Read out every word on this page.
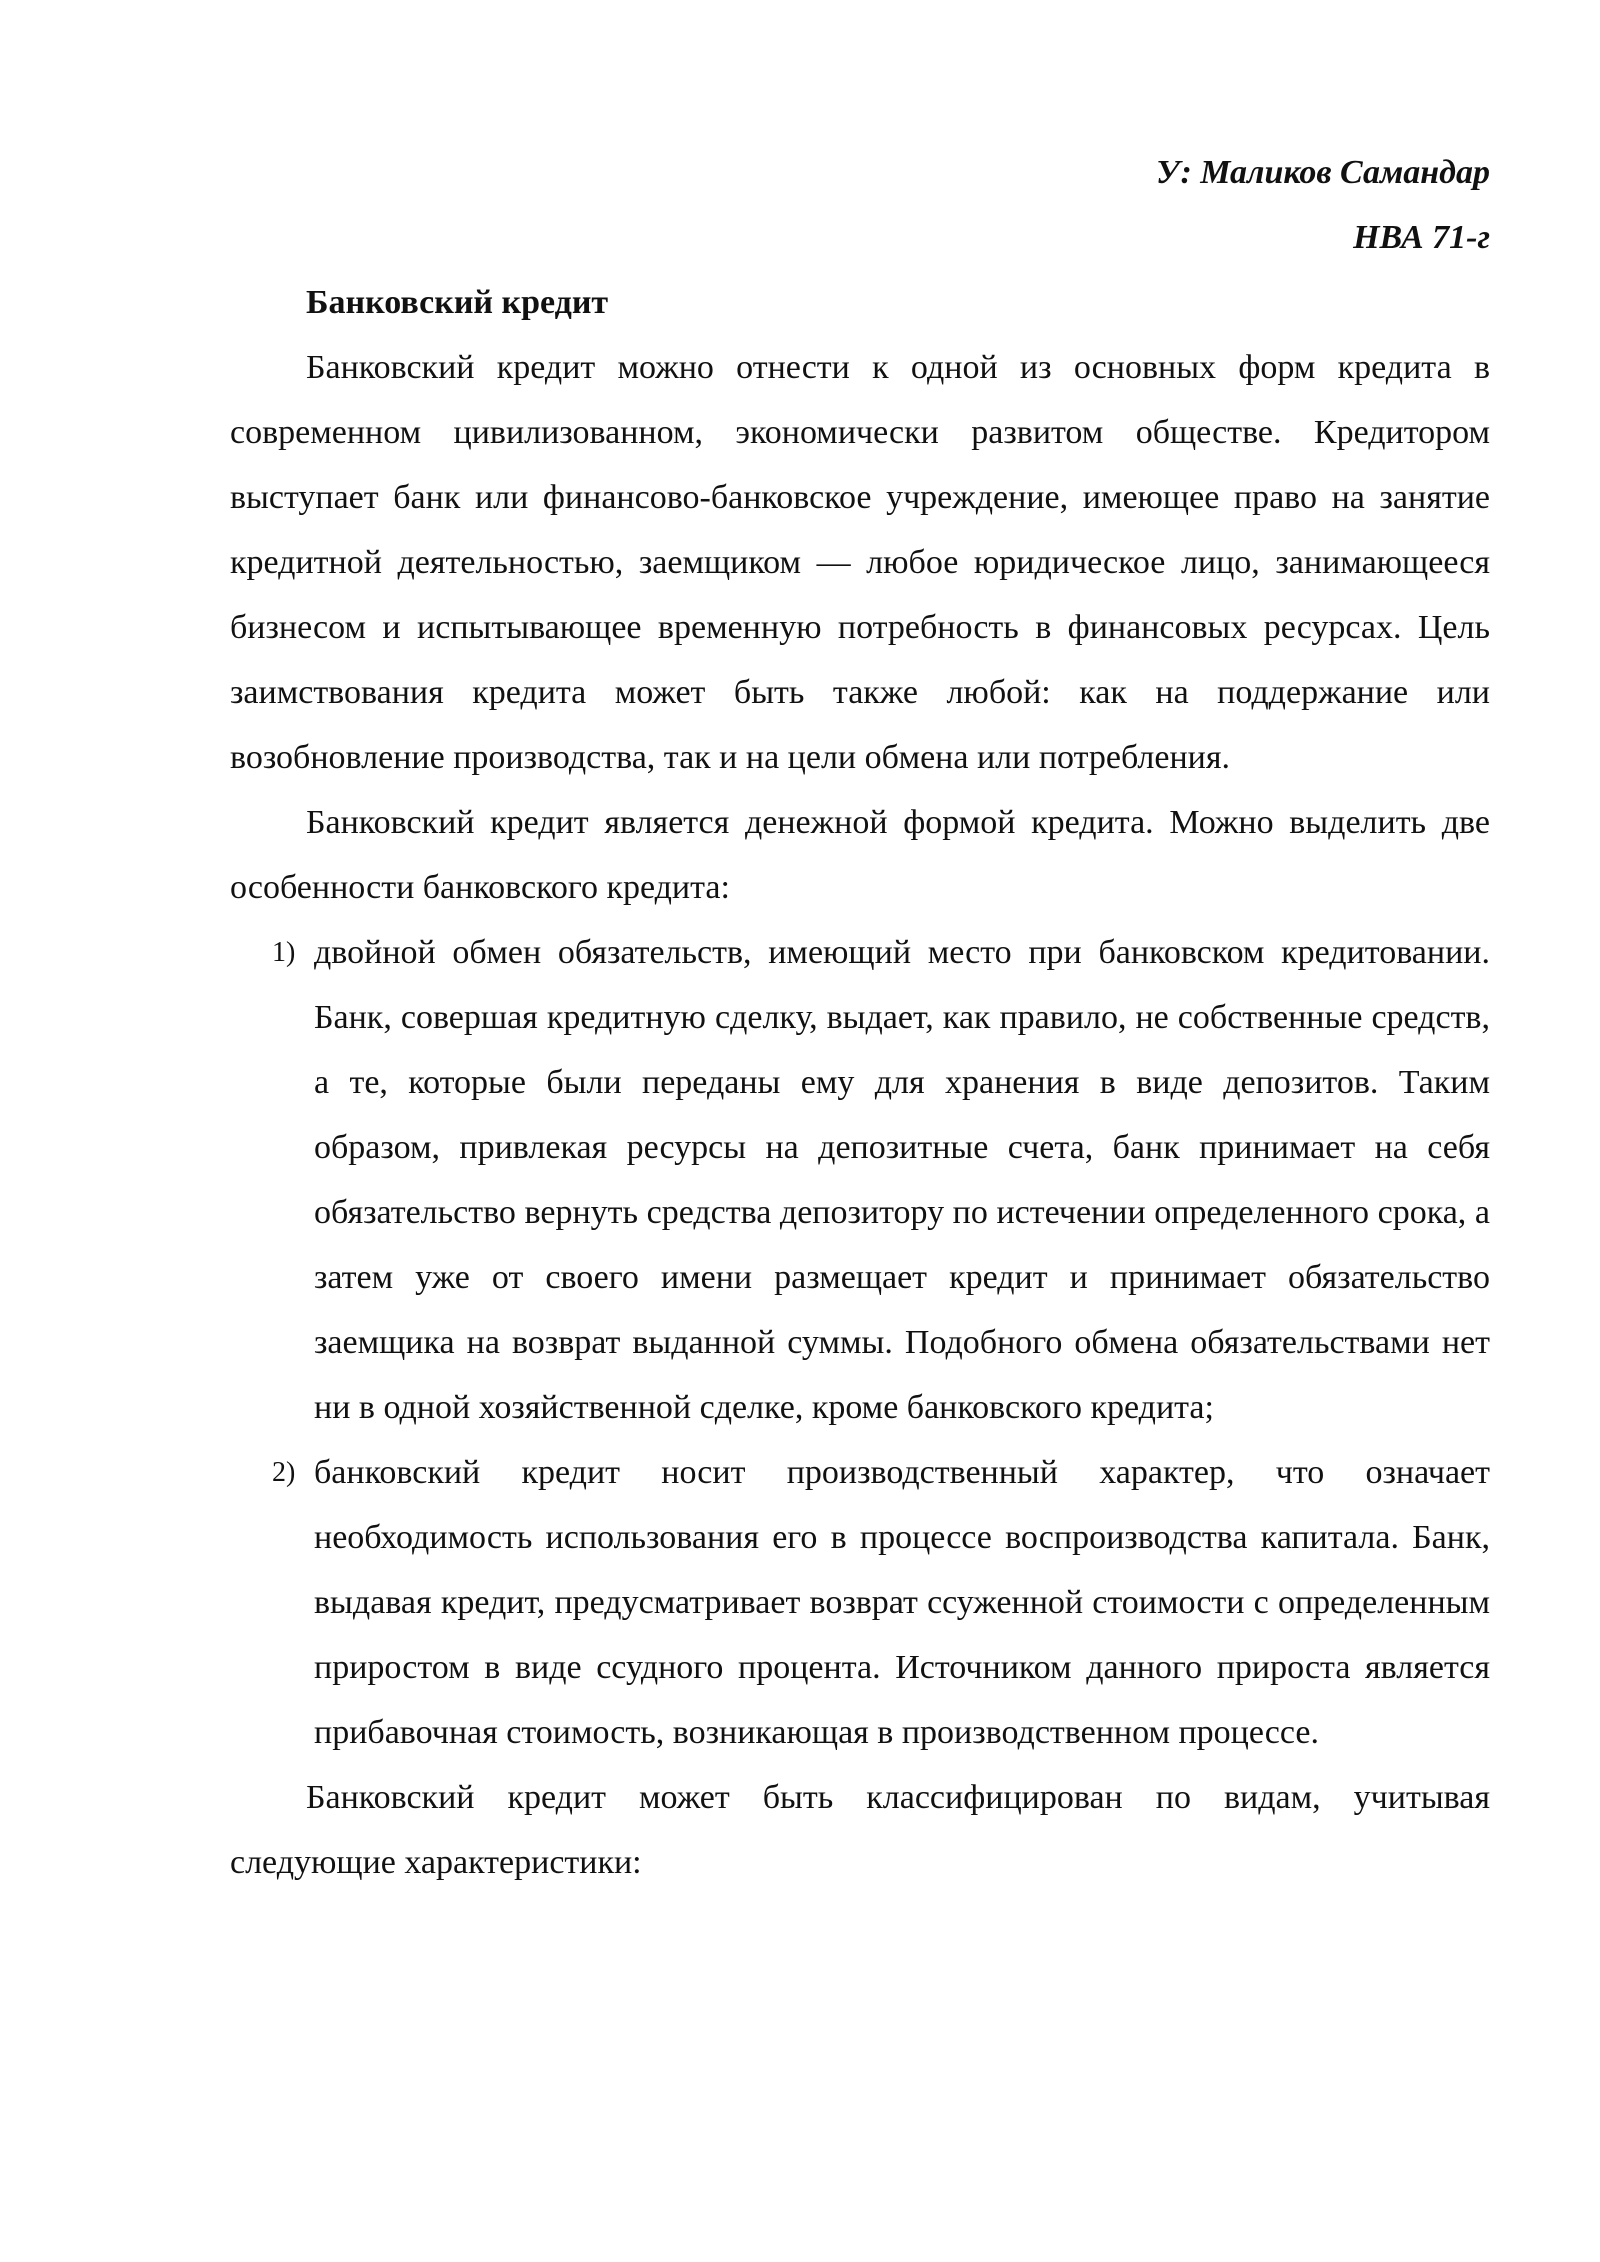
У: Маликов Самандар
НВА 71-г
Банковский кредит

Банковский кредит можно отнести к одной из основных форм кредита в современном цивилизованном, экономически развитом обществе. Кредитором выступает банк или финансово-банковское учреждение, имеющее право на занятие кредитной деятельностью, заемщиком — любое юридическое лицо, занимающееся бизнесом и испытывающее временную потребность в финансовых ресурсах. Цель заимствования кредита может быть также любой: как на поддержание или возобновление производства, так и на цели обмена или потребления.

Банковский кредит является денежной формой кредита. Можно выделить две особенности банковского кредита:

1) двойной обмен обязательств, имеющий место при банковском кредитовании. Банк, совершая кредитную сделку, выдает, как правило, не собственные средств, а те, которые были переданы ему для хранения в виде депозитов. Таким образом, привлекая ресурсы на депозитные счета, банк принимает на себя обязательство вернуть средства депозитору по истечении определенного срока, а затем уже от своего имени размещает кредит и принимает обязательство заемщика на возврат выданной суммы. Подобного обмена обязательствами нет ни в одной хозяйственной сделке, кроме банковского кредита;
2) банковский кредит носит производственный характер, что означает необходимость использования его в процессе воспроизводства капитала. Банк, выдавая кредит, предусматривает возврат ссуженной стоимости с определенным приростом в виде ссудного процента. Источником данного прироста является прибавочная стоимость, возникающая в производственном процессе.

Банковский кредит может быть классифицирован по видам, учитывая следующие характеристики:
